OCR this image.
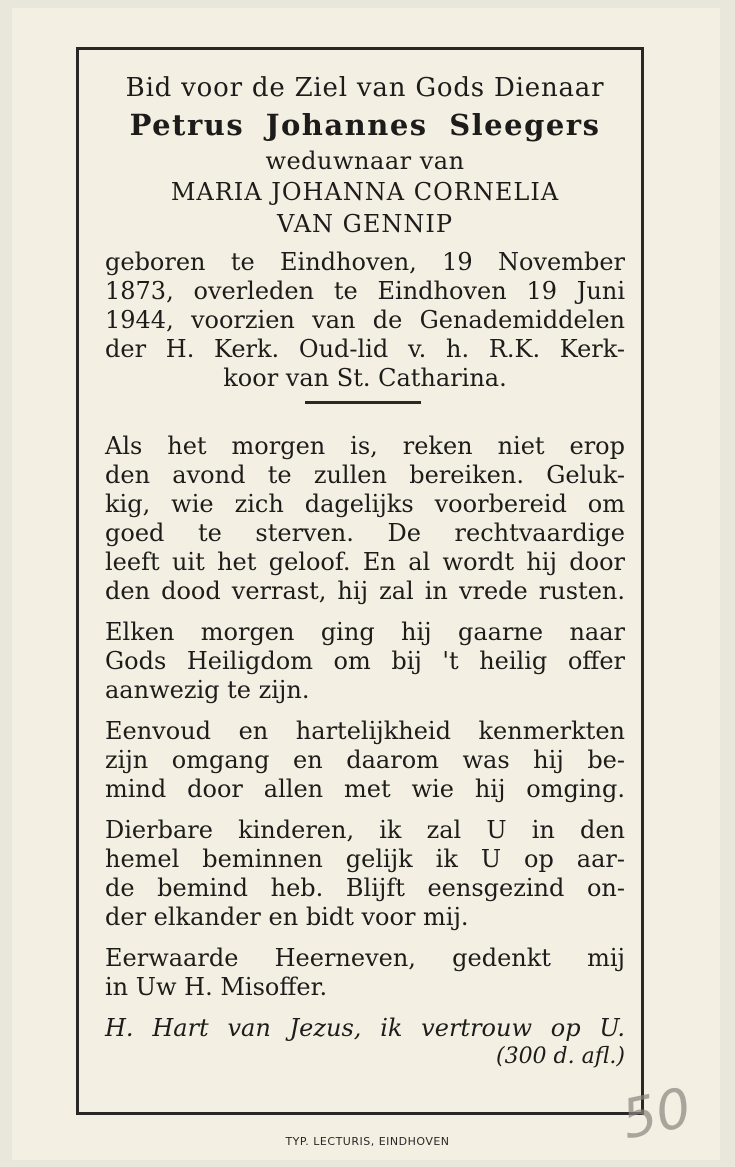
Bid voor de Ziel van Gods Dienaar
Petrus Johannes Sleegers
weduwnaar van
MARIA JOHANNA CORNELIA
VAN GENNIP
geboren te Eindhoven, 19 November
1873, overleden te Eindhoven 19 Juni
1944, voorzien van de Genademiddelen
der H. Kerk. Oud-lid v. h. R.K. Kerk-
koor van St. Catharina.
Als het morgen is, reken niet erop
den avond te zullen bereiken. Geluk-
kig, wie zich dagelijks voorbereid om
goed te sterven. De rechtvaardige
leeft uit het geloof. En al wordt hij door
den dood verrast, hij zal in vrede rusten.
Elken morgen ging hij gaarne naar
Gods Heiligdom om bij 't heilig offer
aanwezig te zijn.
Eenvoud en hartelijkheid kenmerkten
zijn omgang en daarom was hij be-
mind door allen met wie hij omging.
Dierbare kinderen, ik zal U in den
hemel beminnen gelijk ik U op aar-
de bemind heb. Blijft eensgezind on-
der elkander en bidt voor mij.
Eerwaarde Heerneven, gedenkt mij
in Uw H. Misoffer.
H. Hart van Jezus, ik vertrouw op U.
(300 d. afl.)
TYP. LECTURIS, EINDHOVEN	50
